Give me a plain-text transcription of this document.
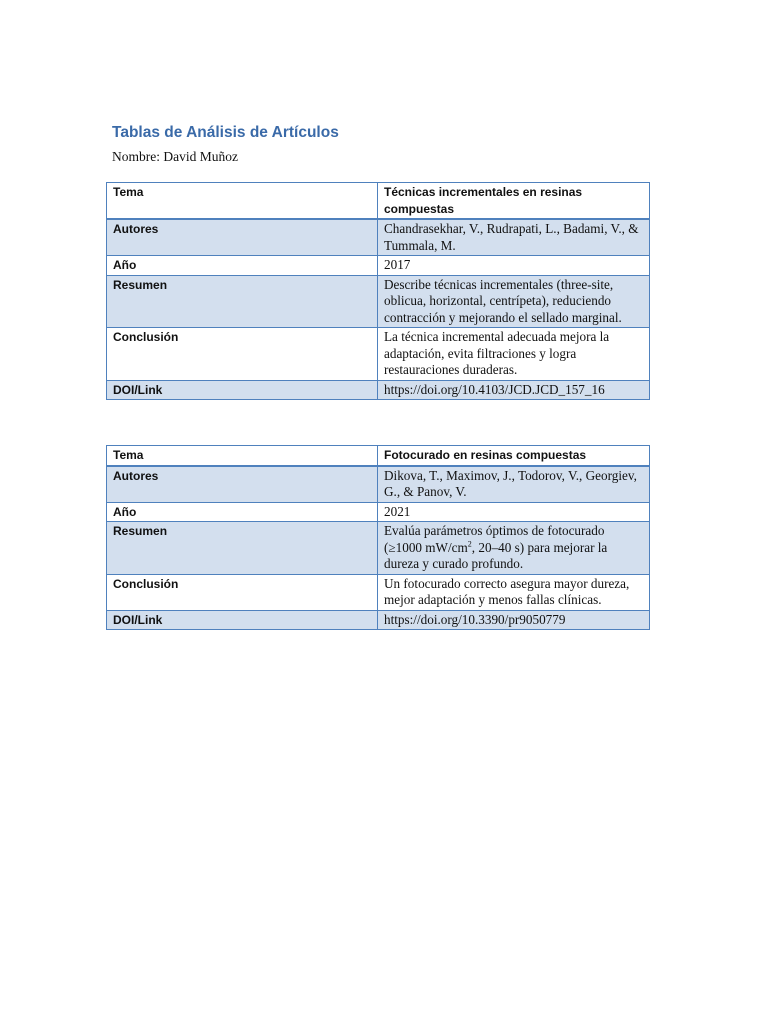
Tablas de Análisis de Artículos
Nombre: David Muñoz
Tema	Técnicas incrementales en resinas compuestas
Autores	Chandrasekhar, V., Rudrapati, L., Badami, V., & Tummala, M.
Año	2017
Resumen	Describe técnicas incrementales (three-site, oblicua, horizontal, centrípeta), reduciendo contracción y mejorando el sellado marginal.
Conclusión	La técnica incremental adecuada mejora la adaptación, evita filtraciones y logra restauraciones duraderas.
DOI/Link	https://doi.org/10.4103/JCD.JCD_157_16
Tema	Fotocurado en resinas compuestas
Autores	Dikova, T., Maximov, J., Todorov, V., Georgiev, G., & Panov, V.
Año	2021
Resumen	Evalúa parámetros óptimos de fotocurado (≥1000 $mW/cm^2$, 20–40 s) para mejorar la dureza y curado profundo.
Conclusión	Un fotocurado correcto asegura mayor dureza, mejor adaptación y menos fallas clínicas.
DOI/Link	https://doi.org/10.3390/pr9050779
